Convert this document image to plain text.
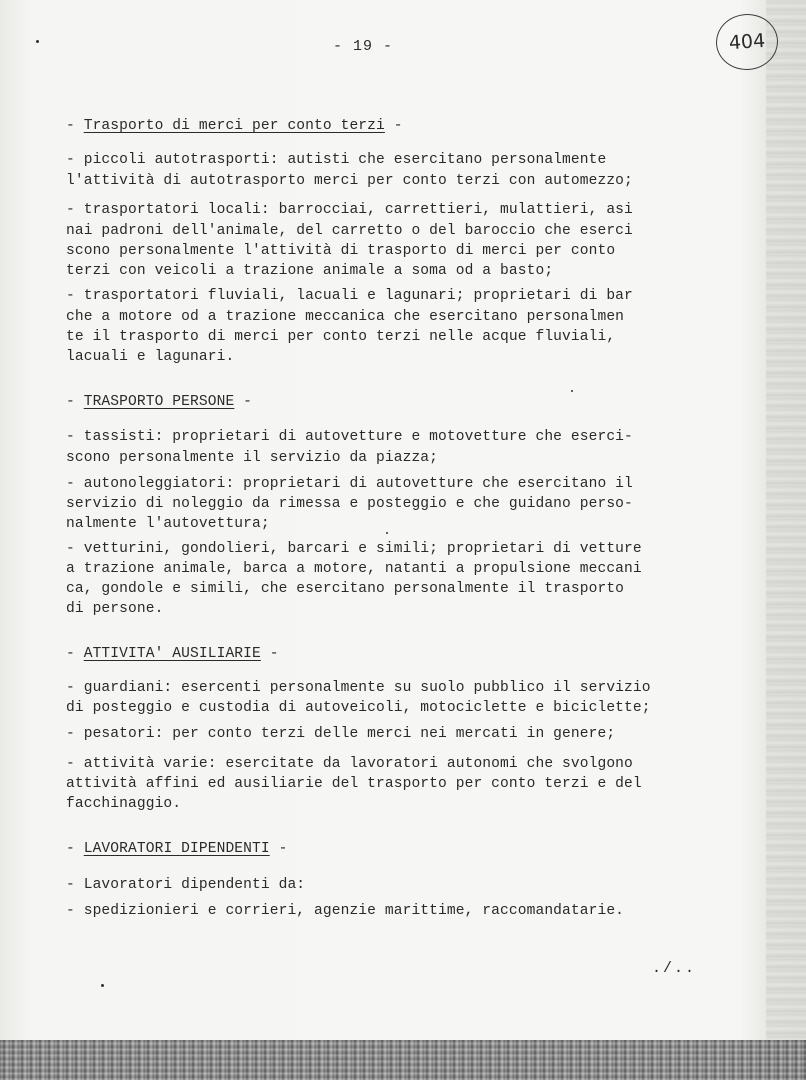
404
- 19 -
- Trasporto di merci per conto terzi -
- piccoli autotrasporti: autisti che esercitano personalmente
l'attività di autotrasporto merci per conto terzi con automezzo;
- trasportatori locali: barrocciai, carrettieri, mulattieri, asi
nai padroni dell'animale, del carretto o del baroccio che eserci
scono personalmente l'attività di trasporto di merci per conto
terzi con veicoli a trazione animale a soma od a basto;
- trasportatori fluviali, lacuali e lagunari; proprietari di bar
che a motore od a trazione meccanica che esercitano personalmen
te il trasporto di merci per conto terzi nelle acque fluviali,
lacuali e lagunari.
- TRASPORTO PERSONE -
- tassisti: proprietari di autovetture e motovetture che eserci-
scono personalmente il servizio da piazza;
- autonoleggiatori: proprietari di autovetture che esercitano il
servizio di noleggio da rimessa e posteggio e che guidano perso-
nalmente l'autovettura;
- vetturini, gondolieri, barcari e simili; proprietari di vetture
a trazione animale, barca a motore, natanti a propulsione meccani
ca, gondole e simili, che esercitano personalmente il trasporto
di persone.
- ATTIVITA' AUSILIARIE -
- guardiani: esercenti personalmente su suolo pubblico il servizio
di posteggio e custodia di autoveicoli, motociclette e biciclette;
- pesatori: per conto terzi delle merci nei mercati in genere;
- attività varie: esercitate da lavoratori autonomi che svolgono
attività affini ed ausiliarie del trasporto per conto terzi e del
facchinaggio.
- LAVORATORI DIPENDENTI -
- Lavoratori dipendenti da:
- spedizionieri e corrieri, agenzie marittime, raccomandatarie.
./..
